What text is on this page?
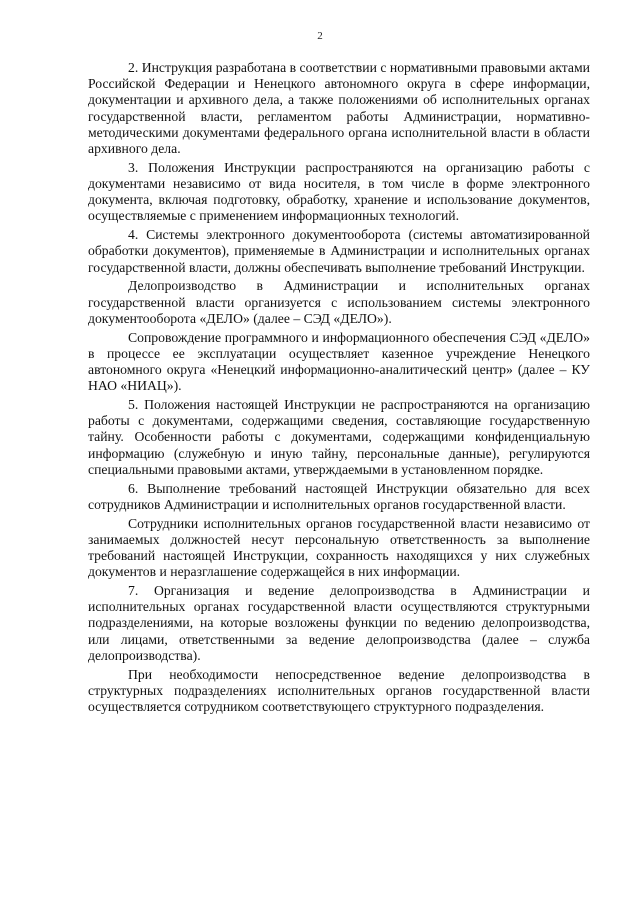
2

2. Инструкция разработана в соответствии с нормативными правовыми актами Российской Федерации и Ненецкого автономного округа в сфере информации, документации и архивного дела, а также положениями об исполнительных органах государственной власти, регламентом работы Администрации, нормативно-методическими документами федерального органа исполнительной власти в области архивного дела.

3. Положения Инструкции распространяются на организацию работы с документами независимо от вида носителя, в том числе в форме электронного документа, включая подготовку, обработку, хранение и использование документов, осуществляемые с применением информационных технологий.

4. Системы электронного документооборота (системы автоматизированной обработки документов), применяемые в Администрации и исполнительных органах государственной власти, должны обеспечивать выполнение требований Инструкции.

Делопроизводство в Администрации и исполнительных органах государственной власти организуется с использованием системы электронного документооборота «ДЕЛО» (далее – СЭД «ДЕЛО»).

Сопровождение программного и информационного обеспечения СЭД «ДЕЛО» в процессе ее эксплуатации осуществляет казенное учреждение Ненецкого автономного округа «Ненецкий информационно-аналитический центр» (далее – КУ НАО «НИАЦ»).

5. Положения настоящей Инструкции не распространяются на организацию работы с документами, содержащими сведения, составляющие государственную тайну. Особенности работы с документами, содержащими конфиденциальную информацию (служебную и иную тайну, персональные данные), регулируются специальными правовыми актами, утверждаемыми в установленном порядке.

6. Выполнение требований настоящей Инструкции обязательно для всех сотрудников Администрации и исполнительных органов государственной власти.

Сотрудники исполнительных органов государственной власти независимо от занимаемых должностей несут персональную ответственность за выполнение требований настоящей Инструкции, сохранность находящихся у них служебных документов и неразглашение содержащейся в них информации.

7. Организация и ведение делопроизводства в Администрации и исполнительных органах государственной власти осуществляются структурными подразделениями, на которые возложены функции по ведению делопроизводства, или лицами, ответственными за ведение делопроизводства (далее – служба делопроизводства).

При необходимости непосредственное ведение делопроизводства в структурных подразделениях исполнительных органов государственной власти осуществляется сотрудником соответствующего структурного подразделения.
